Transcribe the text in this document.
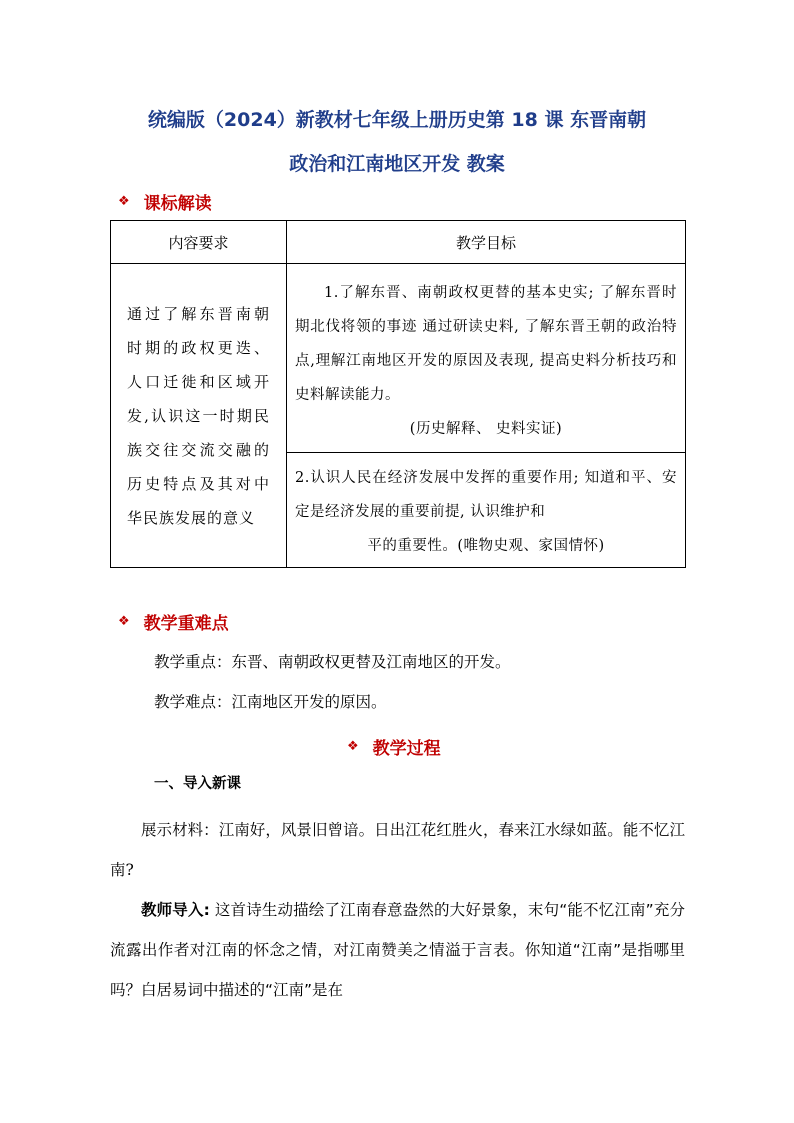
统编版（2024）新教材七年级上册历史第 18 课 东晋南朝
政治和江南地区开发 教案
❖ 课标解读
内容要求	教学目标
通过了解东晋南朝时期的政权更迭、人口迁徙和区域开发,认识这一时期民族交往交流交融的历史特点及其对中华民族发展的意义	1.了解东晋、南朝政权更替的基本史实; 了解东晋时期北伐将领的事迹 通过研读史料, 了解东晋王朝的政治特点,理解江南地区开发的原因及表现, 提高史料分析技巧和史料解读能力。
(历史解释、 史料实证)

	2.认识人民在经济发展中发挥的重要作用; 知道和平、安定是经济发展的重要前提, 认识维护和
平的重要性。(唯物史观、家国情怀)
❖ 教学重难点
教学重点：东晋、南朝政权更替及江南地区的开发。
教学难点：江南地区开发的原因。
❖ 教学过程
一、导入新课
展示材料：江南好，风景旧曾谙。日出江花红胜火，春来江水绿如蓝。能不忆江南?
教师导入: 这首诗生动描绘了江南春意盎然的大好景象，末句“能不忆江南”充分流露出作者对江南的怀念之情，对江南赞美之情溢于言表。你知道“江南”是指哪里吗？白居易词中描述的“江南”是在
